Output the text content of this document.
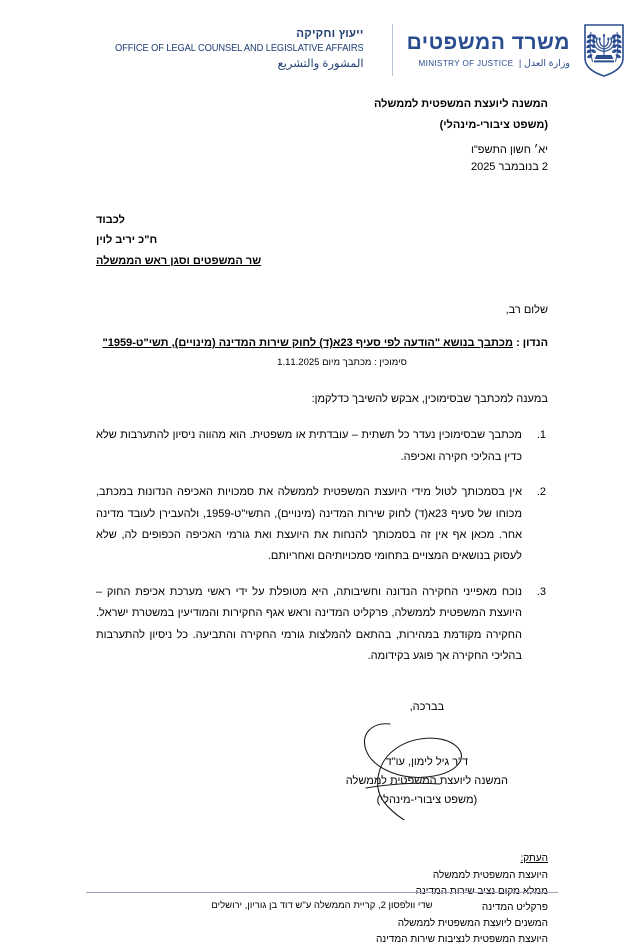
ייעוץ וחקיקה
OFFICE OF LEGAL COUNSEL AND LEGISLATIVE AFFAIRS
المشورة والتشريع
משרד המשפטים
وزارة العدل | MINISTRY OF JUSTICE
המשנה ליועצת המשפטית לממשלה
(משפט ציבורי-מינהלי)
יא׳ חשון התשפ"ו
2 בנובמבר 2025
לכבוד
ח"כ יריב לוין
שר המשפטים וסגן ראש הממשלה
שלום רב,
הנדון : מכתבך בנושא "הודעה לפי סעיף 23א(ד) לחוק שירות המדינה (מינויים), תשי"ט-1959"
סימוכין : מכתבך מיום 1.11.2025
במענה למכתבך שבסימוכין, אבקש להשיבך כדלקמן:
מכתבך שבסימוכין נעדר כל תשתית – עובדתית או משפטית. הוא מהווה ניסיון להתערבות שלא כדין בהליכי חקירה ואכיפה.
אין בסמכותך לטול מידי היועצת המשפטית לממשלה את סמכויות האכיפה הנדונות במכתב, מכוחו של סעיף 23א(ד) לחוק שירות המדינה (מינויים), התשי"ט-1959, ולהעבירן לעובד מדינה אחר. מכאן אף אין זה בסמכותך להנחות את היועצת ואת גורמי האכיפה הכפופים לה, שלא לעסוק בנושאים המצויים בתחומי סמכויותיהם ואחריותם.
נוכח מאפייני החקירה הנדונה וחשיבותה, היא מטופלת על ידי ראשי מערכת אכיפת החוק – היועצת המשפטית לממשלה, פרקליט המדינה וראש אגף החקירות והמודיעין במשטרת ישראל. החקירה מקודמת במהירות, בהתאם להמלצות גורמי החקירה והתביעה. כל ניסיון להתערבות בהליכי החקירה אך פוגע בקידומה.
בברכה,
ד"ר גיל לימון, עו"ד
המשנה ליועצת המשפטית לממשלה
(משפט ציבורי-מינהלי)
העתק:
היועצת המשפטית לממשלה
פרקליט המדינה
המשנים ליועצת המשפטית לממשלה
היועצת המשפטית לנציבות שירות המדינה
שדי וולפסון 2, קריית הממשלה ע"ש דוד בן גוריון, ירושלים
